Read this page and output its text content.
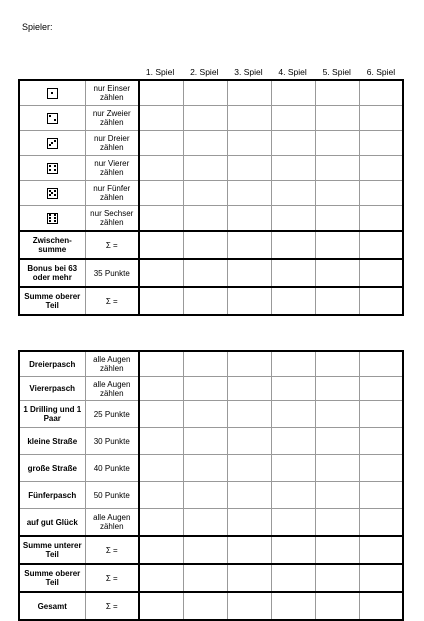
Spieler:
1. Spiel	2. Spiel	3. Spiel	4. Spiel	5. Spiel	6. Spiel
	nur Einser zählen						

	nur Zweier zählen						

	nur Dreier zählen						

	nur Vierer zählen						

	nur Fünfer zählen						

	nur Sechser zählen						
Zwischen-summe	Σ =						
Bonus bei 63 oder mehr	35 Punkte						
Summe oberer Teil	Σ =						
Dreierpasch	alle Augen zählen						
Viererpasch	alle Augen zählen						
1 Drilling und 1 Paar	25 Punkte						
kleine Straße	30 Punkte						
große Straße	40 Punkte						
Fünferpasch	50 Punkte						
auf gut Glück	alle Augen zählen						
Summe unterer Teil	Σ =						
Summe oberer Teil	Σ =						
Gesamt	Σ =						
